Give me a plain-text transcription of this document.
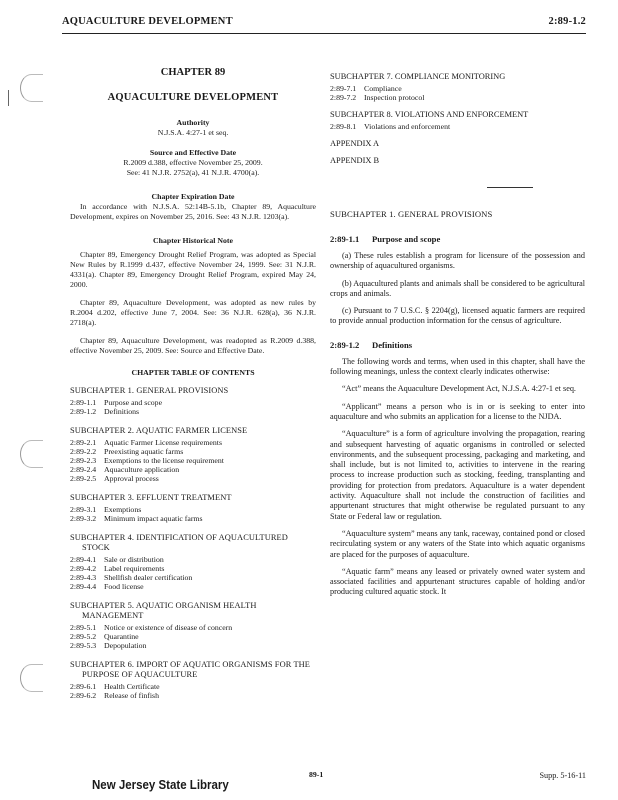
AQUACULTURE DEVELOPMENT	2:89-1.2
CHAPTER 89
AQUACULTURE DEVELOPMENT
Authority
N.J.S.A. 4:27-1 et seq.
Source and Effective Date
R.2009 d.388, effective November 25, 2009.
See: 41 N.J.R. 2752(a), 41 N.J.R. 4700(a).
Chapter Expiration Date

In accordance with N.J.S.A. 52:14B-5.1b, Chapter 89, Aquaculture Development, expires on November 25, 2016. See: 43 N.J.R. 1203(a).

Chapter Historical Note

Chapter 89, Emergency Drought Relief Program, was adopted as Special New Rules by R.1999 d.437, effective November 24, 1999. See: 31 N.J.R. 4331(a). Chapter 89, Emergency Drought Relief Program, expired May 24, 2000.

Chapter 89, Aquaculture Development, was adopted as new rules by R.2004 d.202, effective June 7, 2004. See: 36 N.J.R. 628(a), 36 N.J.R. 2718(a).

Chapter 89, Aquaculture Development, was readopted as R.2009 d.388, effective November 25, 2009. See: Source and Effective Date.

CHAPTER TABLE OF CONTENTS

SUBCHAPTER 1. GENERAL PROVISIONS

2:89-1.1 Purpose and scope
2:89-1.2 Definitions

SUBCHAPTER 2. AQUATIC FARMER LICENSE

2:89-2.1 Aquatic Farmer License requirements
2:89-2.2 Preexisting aquatic farms
2:89-2.3 Exemptions to the license requirement
2:89-2.4 Aquaculture application
2:89-2.5 Approval process

SUBCHAPTER 3. EFFLUENT TREATMENT

2:89-3.1 Exemptions
2:89-3.2 Minimum impact aquatic farms

SUBCHAPTER 4. IDENTIFICATION OF AQUACULTURED STOCK

2:89-4.1 Sale or distribution
2:89-4.2 Label requirements
2:89-4.3 Shellfish dealer certification
2:89-4.4 Food license

SUBCHAPTER 5. AQUATIC ORGANISM HEALTH MANAGEMENT

2:89-5.1 Notice or existence of disease of concern
2:89-5.2 Quarantine
2:89-5.3 Depopulation

SUBCHAPTER 6. IMPORT OF AQUATIC ORGANISMS FOR THE PURPOSE OF AQUACULTURE

2:89-6.1 Health Certificate
2:89-6.2 Release of finfish

SUBCHAPTER 7. COMPLIANCE MONITORING

2:89-7.1 Compliance
2:89-7.2 Inspection protocol

SUBCHAPTER 8. VIOLATIONS AND ENFORCEMENT

2:89-8.1 Violations and enforcement

APPENDIX A

APPENDIX B

SUBCHAPTER 1. GENERAL PROVISIONS

2:89-1.1 Purpose and scope

(a) These rules establish a program for licensure of the possession and ownership of aquacultured organisms.

(b) Aquacultured plants and animals shall be considered to be agricultural crops and animals.

(c) Pursuant to 7 U.S.C. § 2204(g), licensed aquatic farmers are required to provide annual production information for the census of agriculture.

2:89-1.2 Definitions

The following words and terms, when used in this chapter, shall have the following meanings, unless the context clearly indicates otherwise:

“Act” means the Aquaculture Development Act, N.J.S.A. 4:27-1 et seq.

“Applicant” means a person who is in or is seeking to enter into aquaculture and who submits an application for a license to the NJDA.

“Aquaculture” is a form of agriculture involving the propagation, rearing and subsequent harvesting of aquatic organisms in controlled or selected environments, and the subsequent processing, packaging and marketing, and shall include, but is not limited to, activities to intervene in the rearing process to increase production such as stocking, feeding, transplanting and providing for protection from predators. Aquaculture is a water dependent activity. Aquaculture shall not include the construction of facilities and appurtenant structures that might otherwise be regulated pursuant to any State or Federal law or regulation.

“Aquaculture system” means any tank, raceway, contained pond or closed recirculating system or any waters of the State into which aquatic organisms are placed for the purposes of aquaculture.

“Aquatic farm” means any leased or privately owned water system and associated facilities and appurtenant structures capable of holding and/or producing cultured aquatic stock. It

New Jersey State Library
89-1	Supp. 5-16-11
